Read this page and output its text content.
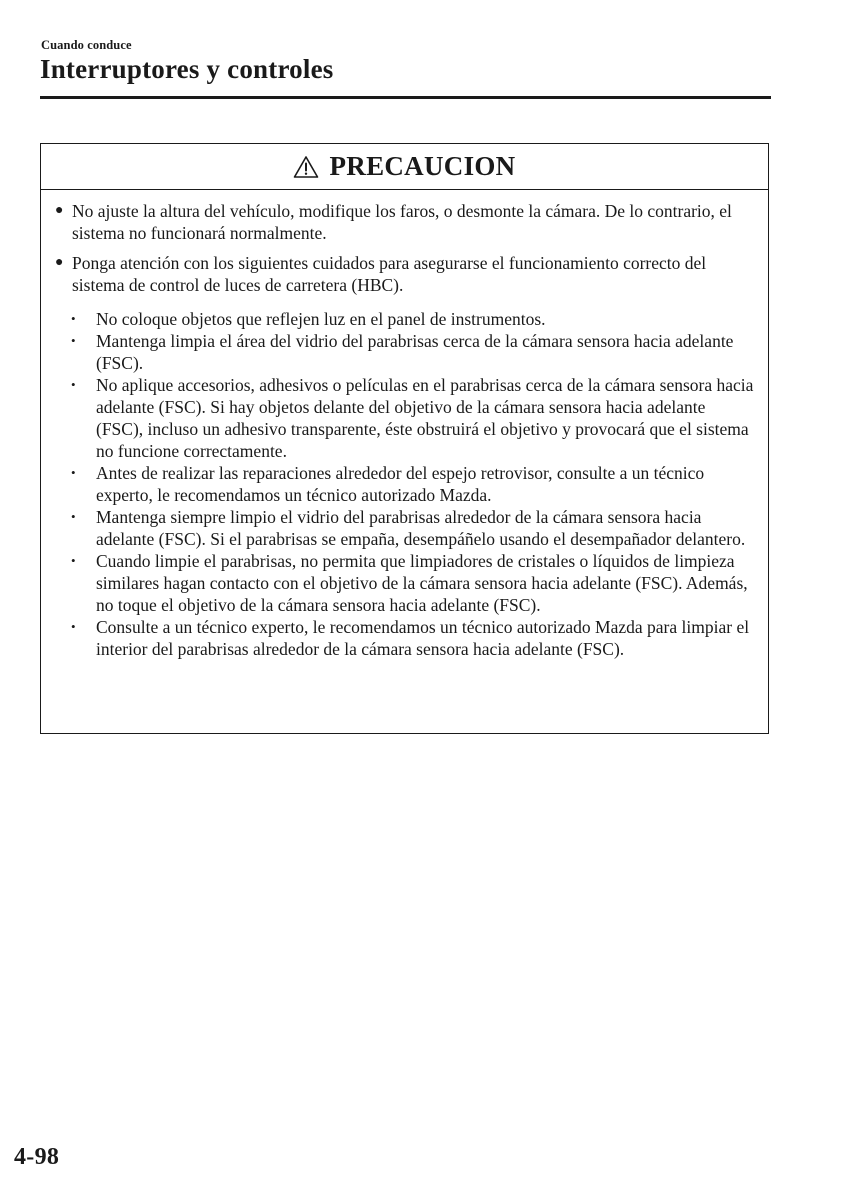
Cuando conduce
Interruptores y controles
PRECAUCION
● No ajuste la altura del vehículo, modifique los faros, o desmonte la cámara. De lo contrario, el sistema no funcionará normalmente.
● Ponga atención con los siguientes cuidados para asegurarse el funcionamiento correcto del sistema de control de luces de carretera (HBC).
•	No coloque objetos que reflejen luz en el panel de instrumentos.
•	Mantenga limpia el área del vidrio del parabrisas cerca de la cámara sensora hacia adelante (FSC).
•	No aplique accesorios, adhesivos o películas en el parabrisas cerca de la cámara sensora hacia adelante (FSC). Si hay objetos delante del objetivo de la cámara sensora hacia adelante (FSC), incluso un adhesivo transparente, éste obstruirá el objetivo y provocará que el sistema no funcione correctamente.
•	Antes de realizar las reparaciones alrededor del espejo retrovisor, consulte a un técnico experto, le recomendamos un técnico autorizado Mazda.
•	Mantenga siempre limpio el vidrio del parabrisas alrededor de la cámara sensora hacia adelante (FSC). Si el parabrisas se empaña, desempáñelo usando el desempañador delantero.
•	Cuando limpie el parabrisas, no permita que limpiadores de cristales o líquidos de limpieza similares hagan contacto con el objetivo de la cámara sensora hacia adelante (FSC). Además, no toque el objetivo de la cámara sensora hacia adelante (FSC).
•	Consulte a un técnico experto, le recomendamos un técnico autorizado Mazda para limpiar el interior del parabrisas alrededor de la cámara sensora hacia adelante (FSC).
4-98
